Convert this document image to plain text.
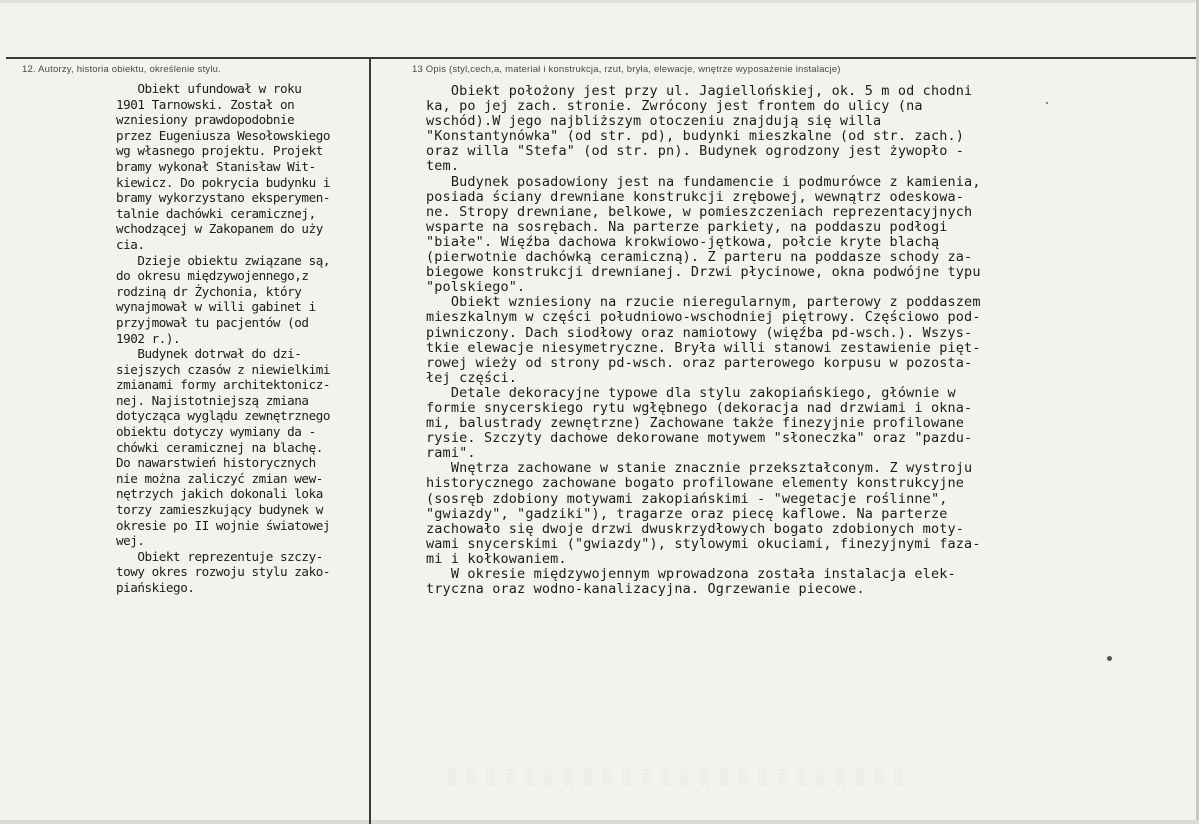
12. Autorzy, historia obiektu, określenie stylu.	13 Opis (styl,cech,a, materiał i konstrukcja, rzut, bryła, elewacje, wnętrze wyposażenie instalacje)
Obiekt ufundował w roku
1901 Tarnowski. Został on
wzniesiony prawdopodobnie
przez Eugeniusza Wesołowskiego
wg własnego projektu. Projekt
bramy wykonał Stanisław Wit-
kiewicz. Do pokrycia budynku i
bramy wykorzystano eksperymen-
talnie dachówki ceramicznej,
wchodzącej w Zakopanem do uży
cia.
Dzieje obiektu związane są,
do okresu międzywojennego,z
rodziną dr Żychonia, który
wynajmował w willi gabinet i
przyjmował tu pacjentów (od
1902 r.).
Budynek dotrwał do dzi-
siejszych czasów z niewielkimi
zmianami formy architektonicz-
nej. Najistotniejszą zmiana
dotycząca wyglądu zewnętrznego
obiektu dotyczy wymiany da -
chówki ceramicznej na blachę.
Do nawarstwień historycznych
nie można zaliczyć zmian wew-
nętrzych jakich dokonali loka
torzy zamieszkujący budynek w
okresie po II wojnie światowej
wej.
Obiekt reprezentuje szczy-
towy okres rozwoju stylu zako-
piańskiego.
Obiekt położony jest przy ul. Jagiellońskiej, ok. 5 m od chodni
ka, po jej zach. stronie. Zwrócony jest frontem do ulicy (na
wschód).W jego najbliższym otoczeniu znajdują się willa
"Konstantynówka" (od str. pd), budynki mieszkalne (od str. zach.)
oraz willa "Stefa" (od str. pn). Budynek ogrodzony jest żywopło -
tem.
Budynek posadowiony jest na fundamencie i podmurówce z kamienia,
posiada ściany drewniane konstrukcji zrębowej, wewnątrz odeskowa-
ne. Stropy drewniane, belkowe, w pomieszczeniach reprezentacyjnych
wsparte na sosrębach. Na parterze parkiety, na poddaszu podłogi
"białe". Więźba dachowa krokwiowo-jętkowa, połcie kryte blachą
(pierwotnie dachówką ceramiczną). Z parteru na poddasze schody za-
biegowe konstrukcji drewnianej. Drzwi płycinowe, okna podwójne typu
"polskiego".
Obiekt wzniesiony na rzucie nieregularnym, parterowy z poddaszem
mieszkalnym w części południowo-wschodniej piętrowy. Częściowo pod-
piwniczony. Dach siodłowy oraz namiotowy (więźba pd-wsch.). Wszys-
tkie elewacje niesymetryczne. Bryła willi stanowi zestawienie pięt-
rowej wieży od strony pd-wsch. oraz parterowego korpusu w pozosta-
łej części.
Detale dekoracyjne typowe dla stylu zakopiańskiego, głównie w
formie snycerskiego rytu wgłębnego (dekoracja nad drzwiami i okna-
mi, balustrady zewnętrzne) Zachowane także finezyjnie profilowane
rysie. Szczyty dachowe dekorowane motywem "słoneczka" oraz "pazdu-
rami".
Wnętrza zachowane w stanie znacznie przekształconym. Z wystroju
historycznego zachowane bogato profilowane elementy konstrukcyjne
(sosręb zdobiony motywami zakopiańskimi - "wegetacje roślinne",
"gwiazdy", "gadziki"), tragarze oraz piecę kaflowe. Na parterze
zachowało się dwoje drzwi dwuskrzydłowych bogato zdobionych moty-
wami snycerskimi ("gwiazdy"), stylowymi okuciami, finezyjnymi faza-
mi i kołkowaniem.
W okresie międzywojennym wprowadzona została instalacja elek-
tryczna oraz wodno-kanalizacyjna. Ogrzewanie piecowe.
░░░░░░░░░░░░░░░░░░░░░░░░
